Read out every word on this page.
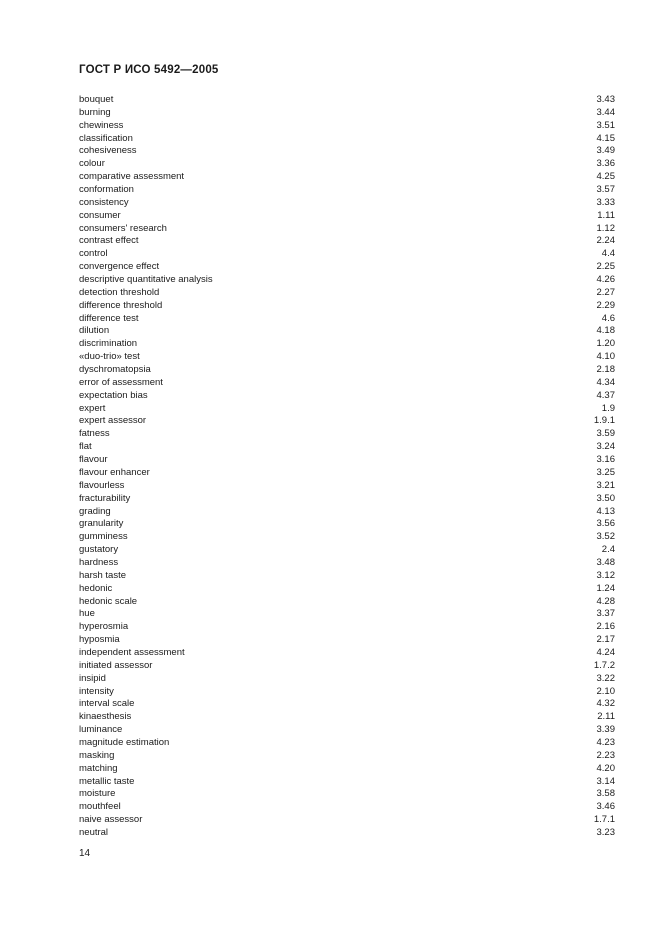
ГОСТ Р ИСО 5492—2005
bouquet	3.43
burning	3.44
chewiness	3.51
classification	4.15
cohesiveness	3.49
colour	3.36
comparative assessment	4.25
conformation	3.57
consistency	3.33
consumer	1.11
consumers' research	1.12
contrast effect	2.24
control	4.4
convergence effect	2.25
descriptive quantitative analysis	4.26
detection threshold	2.27
difference threshold	2.29
difference test	4.6
dilution	4.18
discrimination	1.20
«duo-trio» test	4.10
dyschromatopsia	2.18
error of assessment	4.34
expectation bias	4.37
expert	1.9
expert assessor	1.9.1
fatness	3.59
flat	3.24
flavour	3.16
flavour enhancer	3.25
flavourless	3.21
fracturability	3.50
grading	4.13
granularity	3.56
gumminess	3.52
gustatory	2.4
hardness	3.48
harsh taste	3.12
hedonic	1.24
hedonic scale	4.28
hue	3.37
hyperosmia	2.16
hyposmia	2.17
independent assessment	4.24
initiated assessor	1.7.2
insipid	3.22
intensity	2.10
interval scale	4.32
kinaesthesis	2.11
luminance	3.39
magnitude estimation	4.23
masking	2.23
matching	4.20
metallic taste	3.14
moisture	3.58
mouthfeel	3.46
naive assessor	1.7.1
neutral	3.23
14
